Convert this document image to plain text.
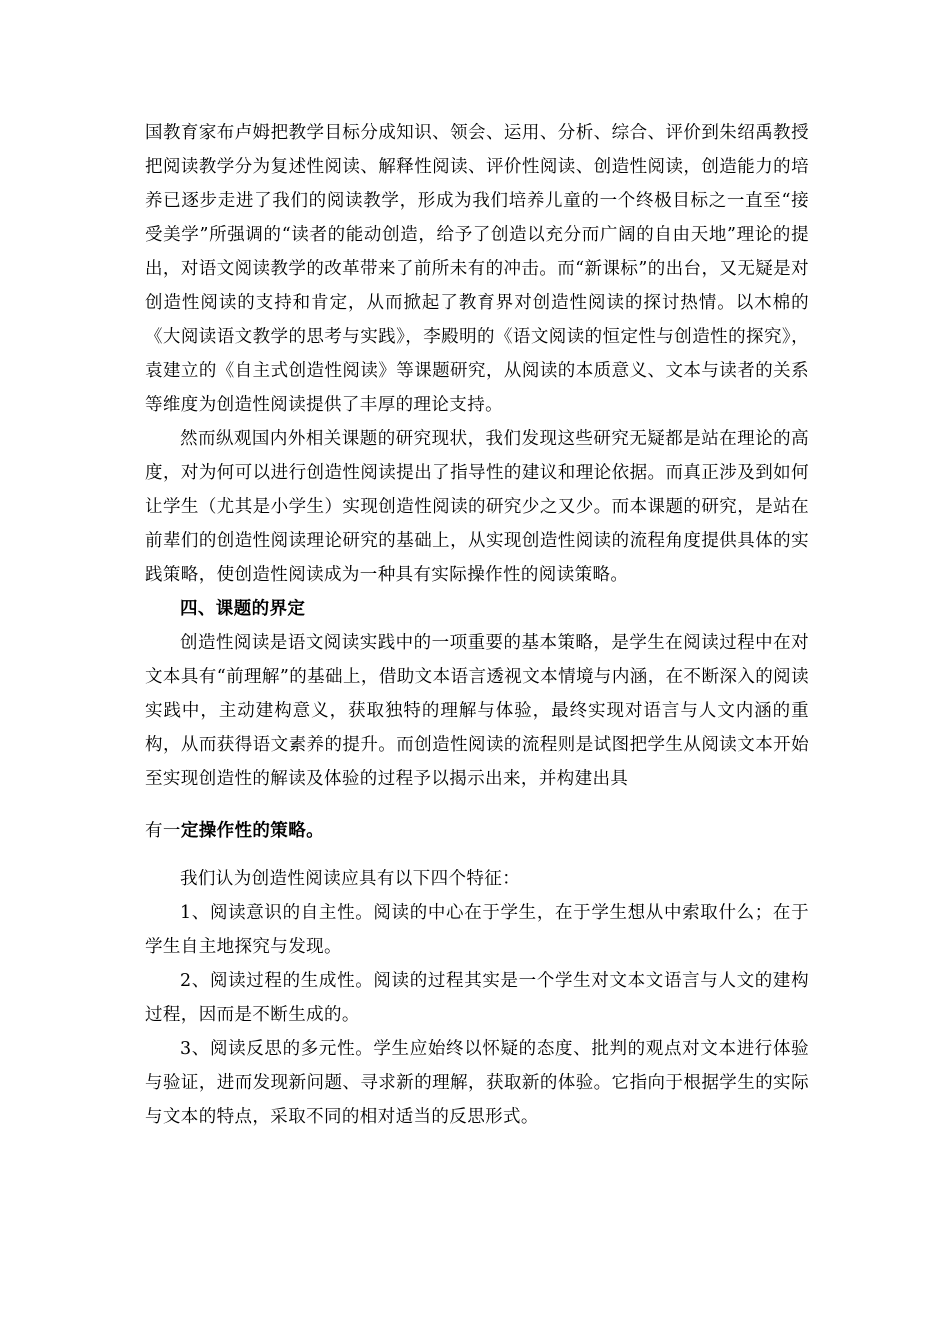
国教育家布卢姆把教学目标分成知识、领会、运用、分析、综合、评价到朱绍禹教授把阅读教学分为复述性阅读、解释性阅读、评价性阅读、创造性阅读，创造能力的培养已逐步走进了我们的阅读教学，形成为我们培养儿童的一个终极目标之一直至“接受美学”所强调的“读者的能动创造，给予了创造以充分而广阔的自由天地”理论的提出，对语文阅读教学的改革带来了前所未有的冲击。而“新课标”的出台，又无疑是对创造性阅读的支持和肯定，从而掀起了教育界对创造性阅读的探讨热情。以木棉的《大阅读语文教学的思考与实践》，李殿明的《语文阅读的恒定性与创造性的探究》，袁建立的《自主式创造性阅读》等课题研究，从阅读的本质意义、文本与读者的关系等维度为创造性阅读提供了丰厚的理论支持。

然而纵观国内外相关课题的研究现状，我们发现这些研究无疑都是站在理论的高度，对为何可以进行创造性阅读提出了指导性的建议和理论依据。而真正涉及到如何让学生（尤其是小学生）实现创造性阅读的研究少之又少。而本课题的研究，是站在前辈们的创造性阅读理论研究的基础上，从实现创造性阅读的流程角度提供具体的实践策略，使创造性阅读成为一种具有实际操作性的阅读策略。

四、课题的界定

创造性阅读是语文阅读实践中的一项重要的基本策略，是学生在阅读过程中在对文本具有“前理解”的基础上，借助文本语言透视文本情境与内涵，在不断深入的阅读实践中，主动建构意义，获取独特的理解与体验，最终实现对语言与人文内涵的重构，从而获得语文素养的提升。而创造性阅读的流程则是试图把学生从阅读文本开始至实现创造性的解读及体验的过程予以揭示出来，并构建出具

有一定操作性的策略。

我们认为创造性阅读应具有以下四个特征：

1、阅读意识的自主性。阅读的中心在于学生，在于学生想从中索取什么；在于学生自主地探究与发现。

2、阅读过程的生成性。阅读的过程其实是一个学生对文本文语言与人文的建构过程，因而是不断生成的。

3、阅读反思的多元性。学生应始终以怀疑的态度、批判的观点对文本进行体验与验证，进而发现新问题、寻求新的理解，获取新的体验。它指向于根据学生的实际与文本的特点，采取不同的相对适当的反思形式。
